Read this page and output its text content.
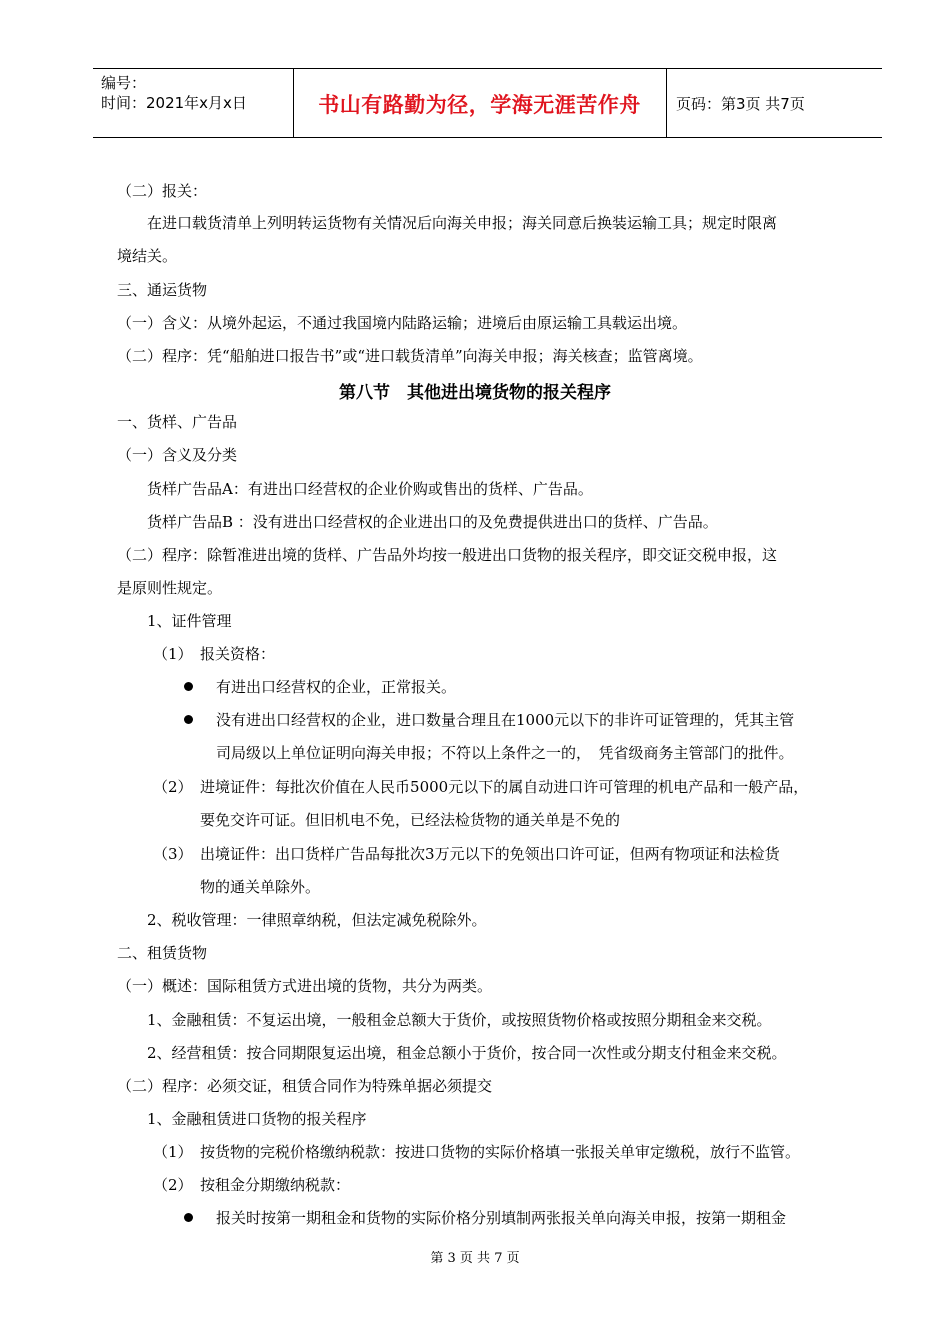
编号：
时间：2021年x月x日	书山有路勤为径，学海无涯苦作舟	页码：第3页 共7页
（二）报关：
在进口载货清单上列明转运货物有关情况后向海关申报；海关同意后换装运输工具；规定时限离
境结关。
三、通运货物
（一）含义：从境外起运，不通过我国境内陆路运输；进境后由原运输工具载运出境。
（二）程序：凭“船舶进口报告书”或“进口载货清单”向海关申报；海关核查；监管离境。
第八节　其他进出境货物的报关程序
一、货样、广告品
（一）含义及分类
货样广告品A：有进出口经营权的企业价购或售出的货样、广告品。
货样广告品B ：没有进出口经营权的企业进出口的及免费提供进出口的货样、广告品。
（二）程序：除暂准进出境的货样、广告品外均按一般进出口货物的报关程序，即交证交税申报，这
是原则性规定。
1、证件管理
（1）　报关资格：
有进出口经营权的企业，正常报关。
没有进出口经营权的企业，进口数量合理且在1000元以下的非许可证管理的，凭其主管
司局级以上单位证明向海关申报；不符以上条件之一的，　凭省级商务主管部门的批件。
（2）　进境证件：每批次价值在人民币5000元以下的属自动进口许可管理的机电产品和一般产品，
要免交许可证。但旧机电不免，已经法检货物的通关单是不免的
（3）　出境证件：出口货样广告品每批次3万元以下的免领出口许可证，但两有物项证和法检货
物的通关单除外。
2、税收管理：一律照章纳税，但法定减免税除外。
二、租赁货物
（一）概述：国际租赁方式进出境的货物，共分为两类。
1、金融租赁：不复运出境，一般租金总额大于货价，或按照货物价格或按照分期租金来交税。
2、经营租赁：按合同期限复运出境，租金总额小于货价，按合同一次性或分期支付租金来交税。
（二）程序：必须交证，租赁合同作为特殊单据必须提交
1、金融租赁进口货物的报关程序
（1）　按货物的完税价格缴纳税款：按进口货物的实际价格填一张报关单审定缴税，放行不监管。
（2）　按租金分期缴纳税款：
报关时按第一期租金和货物的实际价格分别填制两张报关单向海关申报，按第一期租金
第 3 页 共 7 页
